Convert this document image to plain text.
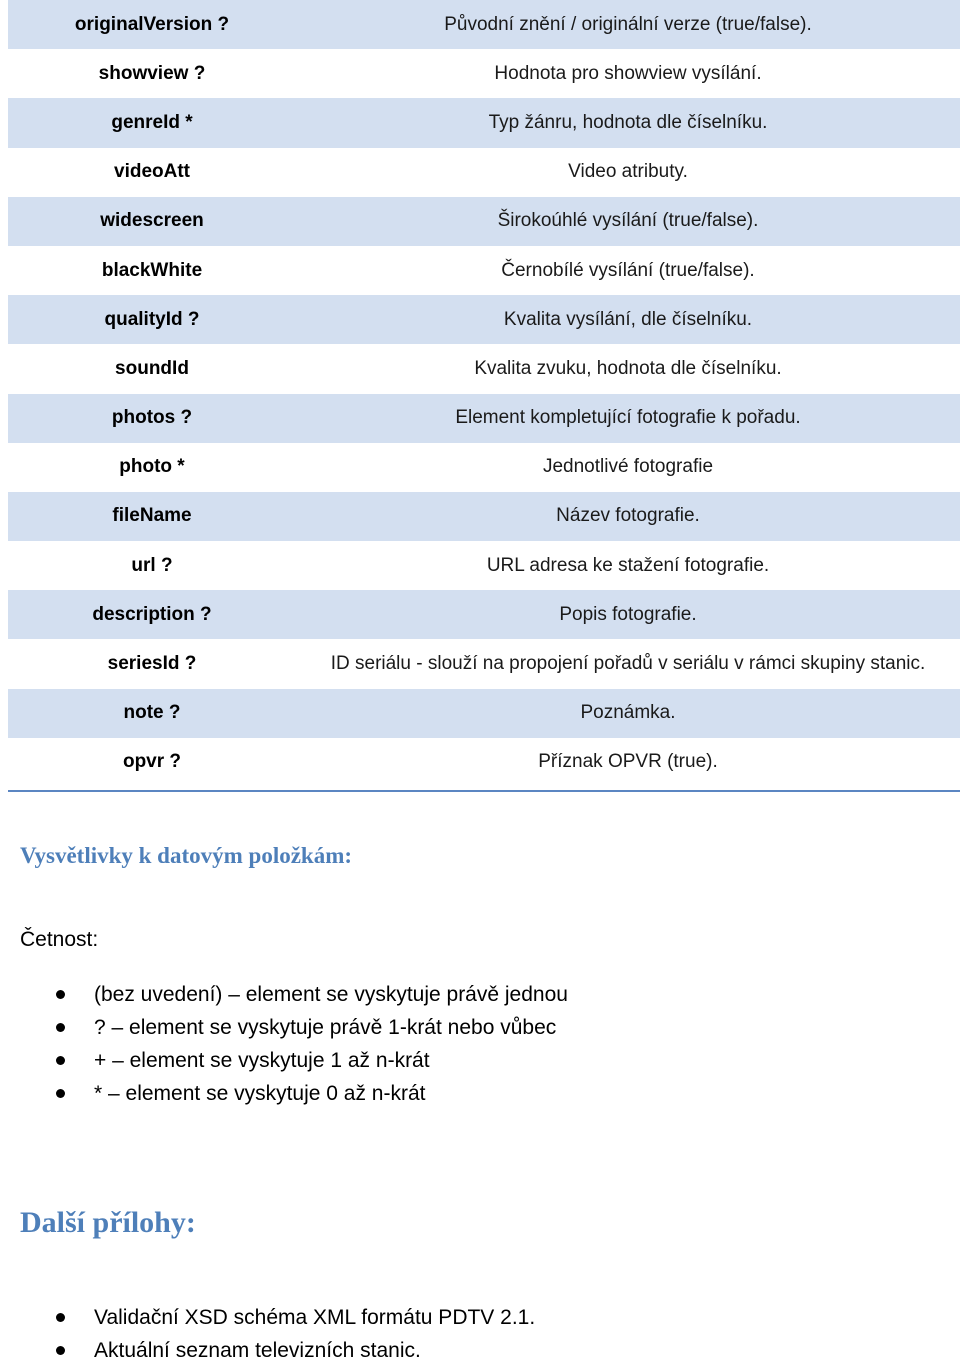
originalVersion ?	Původní znění / originální verze (true/false).
showview ?	Hodnota pro showview vysílání.
genreId *	Typ žánru, hodnota dle číselníku.
videoAtt	Video atributy.
widescreen	Širokoúhlé vysílání (true/false).
blackWhite	Černobílé vysílání (true/false).
qualityId ?	Kvalita vysílání, dle číselníku.
soundId	Kvalita zvuku, hodnota dle číselníku.
photos ?	Element kompletující fotografie k pořadu.
photo *	Jednotlivé fotografie
fileName	Název fotografie.
url ?	URL adresa ke stažení fotografie.
description ?	Popis fotografie.
seriesId ?	ID seriálu - slouží na propojení pořadů v seriálu v rámci skupiny stanic.
note ?	Poznámka.
opvr ?	Příznak OPVR (true).
Vysvětlivky k datovým položkám:
Četnost:
(bez uvedení) – element se vyskytuje právě jednou
? – element se vyskytuje právě 1-krát nebo vůbec
+ – element se vyskytuje 1 až n-krát
* – element se vyskytuje 0 až n-krát
Další přílohy:
Validační XSD schéma XML formátu PDTV 2.1.
Aktuální seznam televizních stanic.
